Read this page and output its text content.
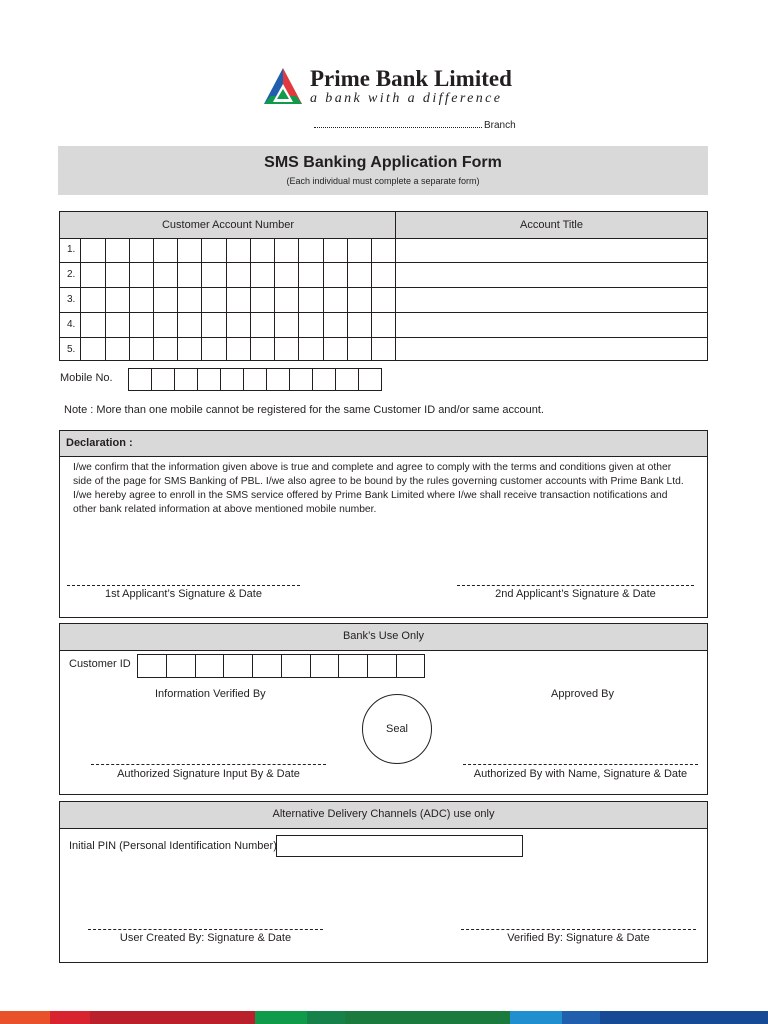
Prime Bank Limited
a bank with a difference
Branch
SMS Banking Application Form
(Each individual must complete a separate form)
Customer Account Number	Account Title
1.
2.
3.
4.
5.
Mobile No.
Note : More than one mobile cannot be registered for the same Customer ID and/or same account.
Declaration :
I/we confirm that the information given above is true and complete and agree to comply with the terms and conditions given at other
side of the page for SMS Banking of PBL. I/we also agree to be bound by the rules governing customer accounts with Prime Bank Ltd.
I/we hereby agree to enroll in the SMS service offered by Prime Bank Limited where I/we shall receive transaction notifications and
other bank related information at above mentioned mobile number.
1st Applicant’s Signature & Date	2nd Applicant’s Signature & Date
Bank’s Use Only
Customer ID
Information Verified By	Approved By
Seal
Authorized Signature Input By & Date	Authorized By with Name, Signature & Date
Alternative Delivery Channels (ADC) use only
Initial PIN (Personal Identification Number)
User Created By: Signature & Date	Verified By: Signature & Date
